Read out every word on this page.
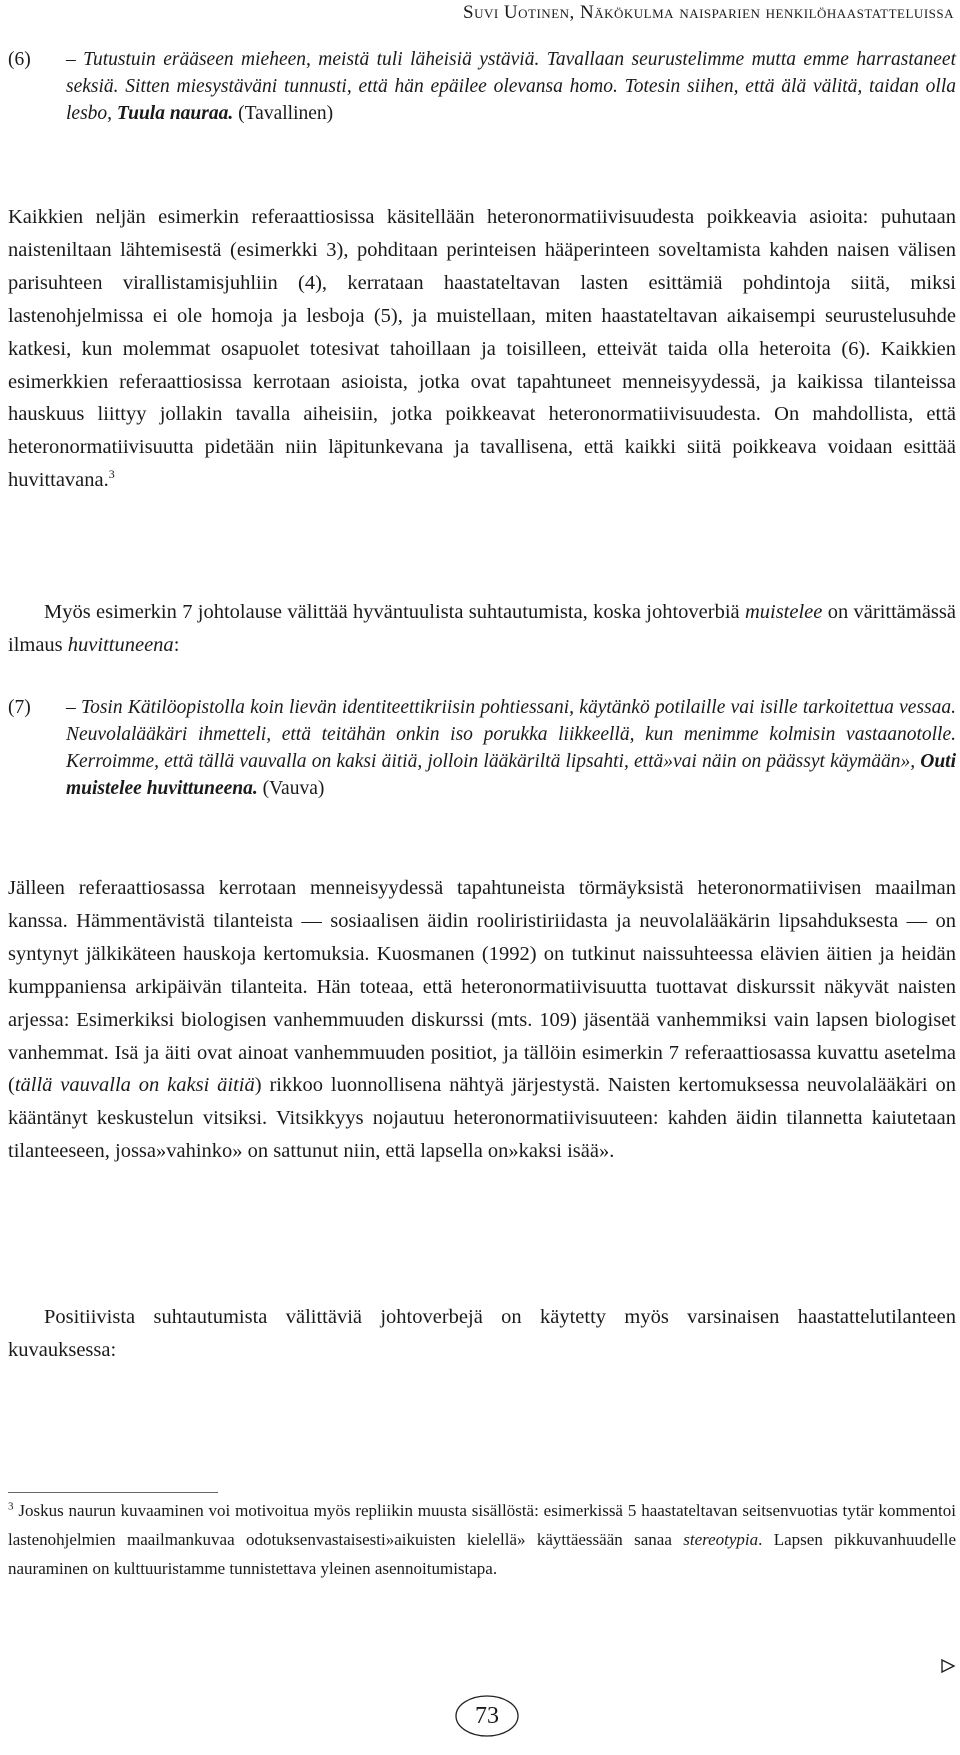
Suvi Uotinen, Näkökulma naisparien henkilöhaastatteluissa
(6) – Tutustuin erääseen mieheen, meistä tuli läheisiä ystäviä. Tavallaan seurustelimme mutta emme harrastaneet seksiä. Sitten miesystäväni tunnusti, että hän epäilee olevansa homo. Totesin siihen, että älä välitä, taidan olla lesbo, Tuula nauraa. (Tavallinen)

Kaikkien neljän esimerkin referaattiosissa käsitellään heteronormatiivisuudesta poikkeavia asioita: puhutaan naisteniltaan lähtemisestä (esimerkki 3), pohditaan perinteisen hääperinteen soveltamista kahden naisen välisen parisuhteen virallistamisjuhliin (4), kerrataan haastateltavan lasten esittämiä pohdintoja siitä, miksi lastenohjelmissa ei ole homoja ja lesboja (5), ja muistellaan, miten haastateltavan aikaisempi seurustelusuhde katkesi, kun molemmat osapuolet totesivat tahoillaan ja toisilleen, etteivät taida olla heteroita (6). Kaikkien esimerkkien referaattiosissa kerrotaan asioista, jotka ovat tapahtuneet menneisyydessä, ja kaikissa tilanteissa hauskuus liittyy jollakin tavalla aiheisiin, jotka poikkeavat heteronormatiivisuudesta. On mahdollista, että heteronormatiivisuutta pidetään niin läpitunkevana ja tavallisena, että kaikki siitä poikkeava voidaan esittää huvittavana.$^3$

Myös esimerkin 7 johtolause välittää hyväntuulista suhtautumista, koska johtoverbiä muistelee on värittämässä ilmaus huvittuneena:

(7) – Tosin Kätilöopistolla koin lievän identiteettikriisin pohtiessani, käytänkö potilaille vai isille tarkoitettua vessaa. Neuvolalääkäri ihmetteli, että teitähän onkin iso porukka liikkeellä, kun menimme kolmisin vastaanotolle. Kerroimme, että tällä vauvalla on kaksi äitiä, jolloin lääkäriltä lipsahti, että»vai näin on päässyt käymään», Outi muistelee huvittuneena. (Vauva)

Jälleen referaattiosassa kerrotaan menneisyydessä tapahtuneista törmäyksistä heteronormatiivisen maailman kanssa. Hämmentävistä tilanteista — sosiaalisen äidin rooliristiriidasta ja neuvolalääkärin lipsahduksesta — on syntynyt jälkikäteen hauskoja kertomuksia. Kuosmanen (1992) on tutkinut naissuhteessa elävien äitien ja heidän kumppaniensa arkipäivän tilanteita. Hän toteaa, että heteronormatiivisuutta tuottavat diskurssit näkyvät naisten arjessa: Esimerkiksi biologisen vanhemmuuden diskurssi (mts. 109) jäsentää vanhemmiksi vain lapsen biologiset vanhemmat. Isä ja äiti ovat ainoat vanhemmuuden positiot, ja tällöin esimerkin 7 referaattiosassa kuvattu asetelma (tällä vauvalla on kaksi äitiä) rikkoo luonnollisena nähtyä järjestystä. Naisten kertomuksessa neuvolalääkäri on kääntänyt keskustelun vitsiksi. Vitsikkyys nojautuu heteronormatiivisuuteen: kahden äidin tilannetta kaiutetaan tilanteeseen, jossa»vahinko» on sattunut niin, että lapsella on»kaksi isää».

Positiivista suhtautumista välittäviä johtoverbejä on käytetty myös varsinaisen haastattelutilanteen kuvauksessa:

$^3$ Joskus naurun kuvaaminen voi motivoitua myös repliikin muusta sisällöstä: esimerkissä 5 haastateltavan seitsenvuotias tytär kommentoi lastenohjelmien maailmankuvaa odotuksenvastaisesti»aikuisten kielellä» käyttäessään sanaa stereotypia. Lapsen pikkuvanhuudelle nauraminen on kulttuuristamme tunnistettava yleinen asennoitumistapa.

73
